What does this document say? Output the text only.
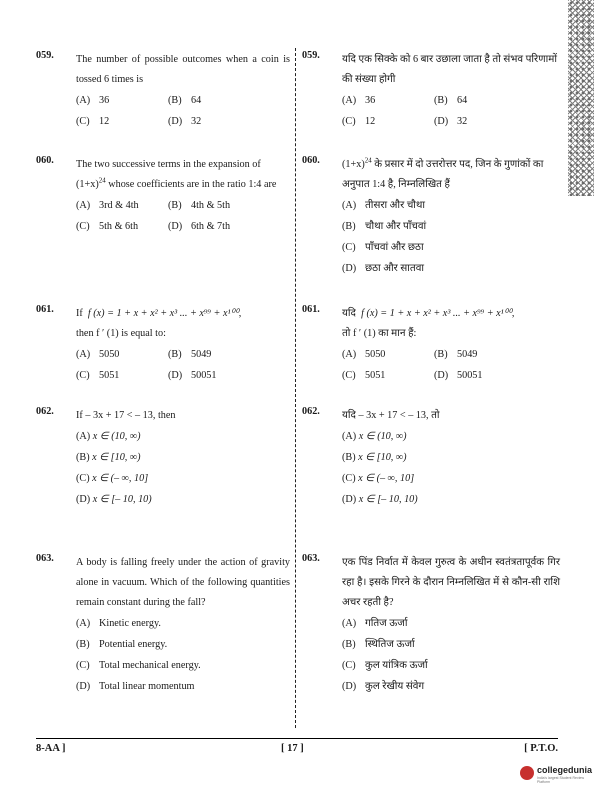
059. The number of possible outcomes when a coin is tossed 6 times is
(A) 36	(B) 64
(C) 12	(D) 32
060. The two successive terms in the expansion of $(1+x)^{24}$ whose coefficients are in the ratio 1:4 are
(A) 3rd & 4th	(B) 4th & 5th
(C) 5th & 6th	(D) 6th & 7th
061. If f (x) = 1 + x + x² + x³ ... + x⁹⁹ + x¹⁰⁰,
then f ′ (1) is equal to:
(A) 5050	(B) 5049
(C) 5051	(D) 50051
062. If – 3x + 17 < – 13, then
(A) x ∈ (10, ∞)
(B) x ∈ [10, ∞)
(C) x ∈ (– ∞, 10]
(D) x ∈ [– 10, 10)
063. A body is falling freely under the action of gravity alone in vacuum. Which of the following quantities remain constant during the fall?
(A) Kinetic energy.
(B) Potential energy.
(C) Total mechanical energy.
(D) Total linear momentum
059. यदि एक सिक्के को 6 बार उछाला जाता है तो संभव परिणामों की संख्या होगी
(A) 36	(B) 64
(C) 12	(D) 32
060. $(1+x)^{24}$ के प्रसार में दो उत्तरोत्तर पद, जिन के गुणांकों का अनुपात 1:4 है, निम्नलिखित हैं
(A) तीसरा और चौथा
(B) चौथा और पाँचवां
(C) पाँचवां और छठा
(D) छठा और सातवा
061. यदि f (x) = 1 + x + x² + x³ ... + x⁹⁹ + x¹⁰⁰,
तो f ′ (1) का मान हैं:
(A) 5050	(B) 5049
(C) 5051	(D) 50051
062. यदि – 3x + 17 < – 13, तो
(A) x ∈ (10, ∞)
(B) x ∈ [10, ∞)
(C) x ∈ (– ∞, 10]
(D) x ∈ [– 10, 10)
063. एक पिंड निर्वात में केवल गुरुत्व के अधीन स्वतंत्रतापूर्वक गिर रहा है। इसके गिरने के दौरान निम्नलिखित में से कौन-सी राशि अचर रहती है?
(A) गतिज ऊर्जा
(B) स्थितिज ऊर्जा
(C) कुल यांत्रिक ऊर्जा
(D) कुल रेखीय संवेग
8-AA ]	[ 17 ]	[ P.T.O.
collegedunia
India's largest Student Review Platform
